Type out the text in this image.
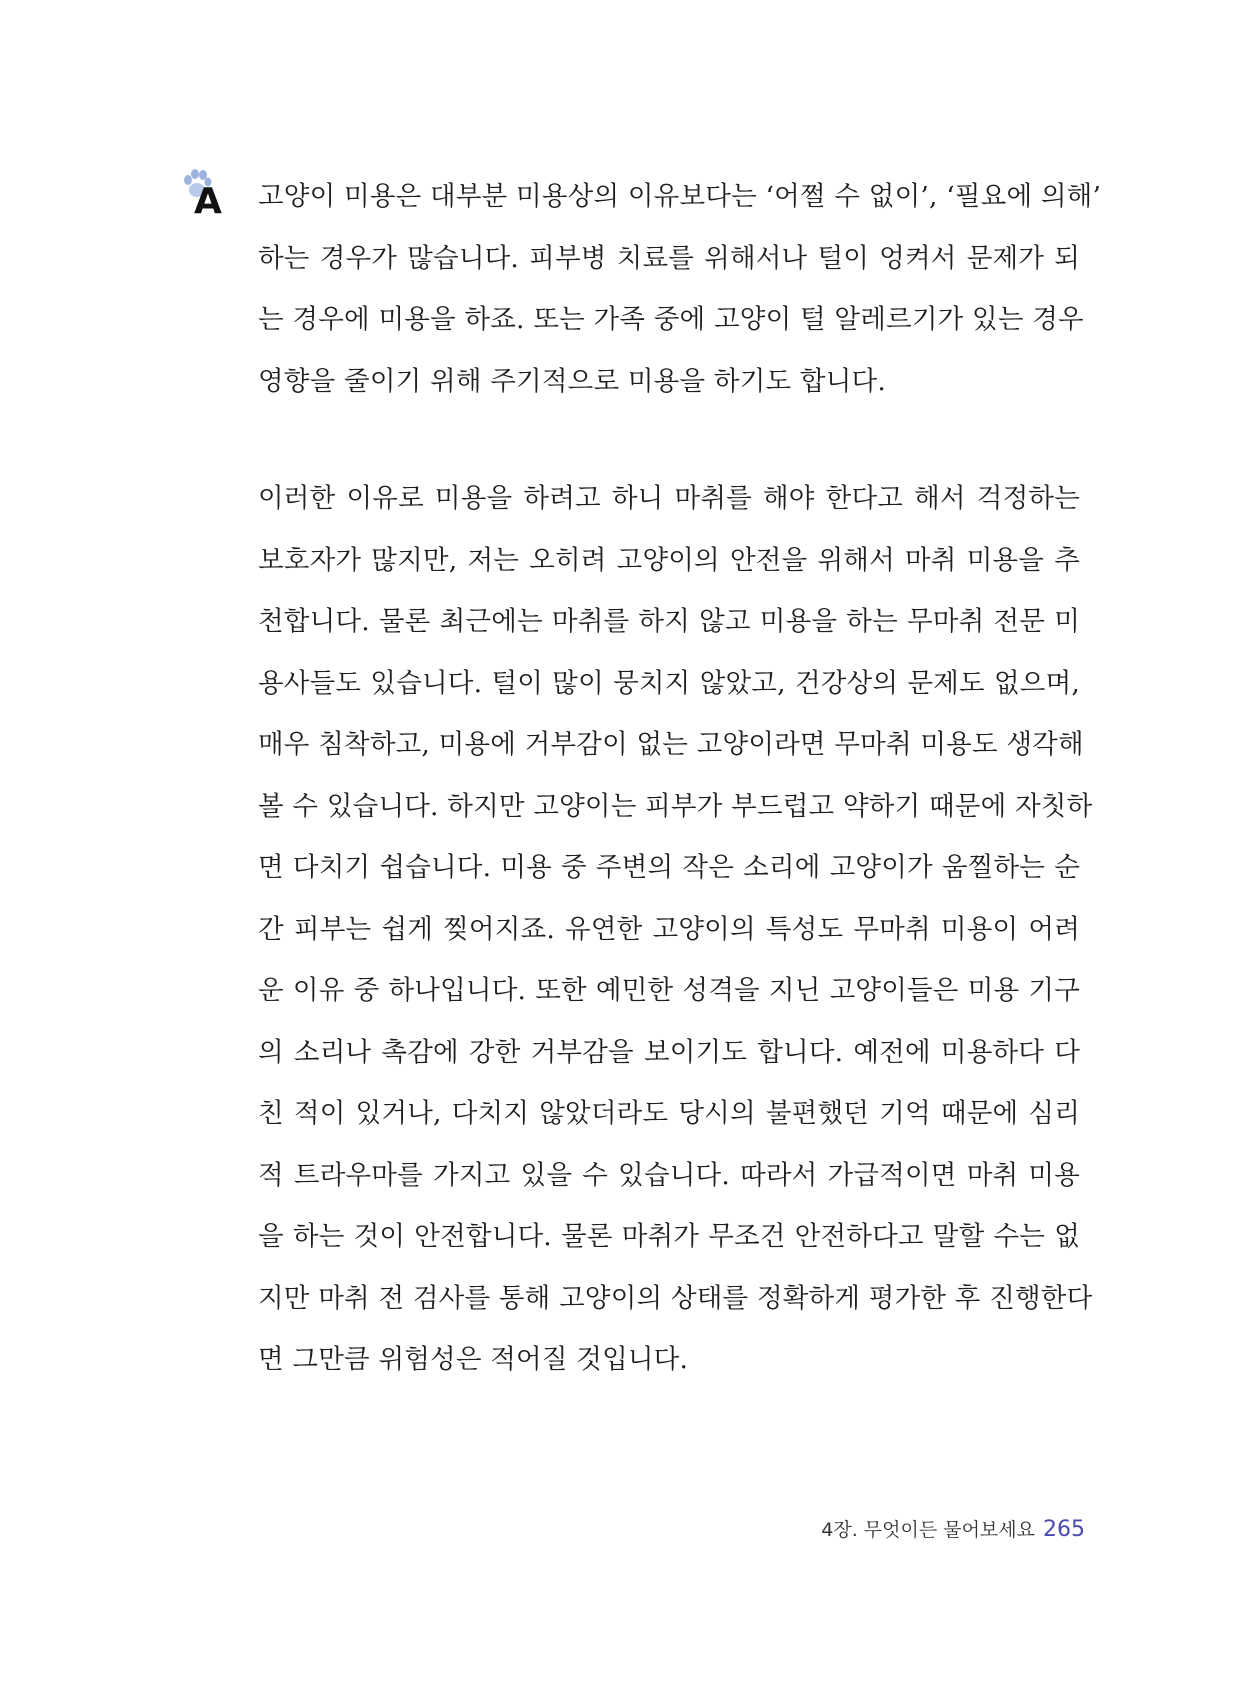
A 고양이 미용은 대부분 미용상의 이유보다는 ‘어쩔 수 없이’, ‘필요에 의해’
하는 경우가 많습니다. 피부병 치료를 위해서나 털이 엉켜서 문제가 되
는 경우에 미용을 하죠. 또는 가족 중에 고양이 털 알레르기가 있는 경우
영향을 줄이기 위해 주기적으로 미용을 하기도 합니다.
이러한 이유로 미용을 하려고 하니 마취를 해야 한다고 해서 걱정하는
보호자가 많지만, 저는 오히려 고양이의 안전을 위해서 마취 미용을 추
천합니다. 물론 최근에는 마취를 하지 않고 미용을 하는 무마취 전문 미
용사들도 있습니다. 털이 많이 뭉치지 않았고, 건강상의 문제도 없으며,
매우 침착하고, 미용에 거부감이 없는 고양이라면 무마취 미용도 생각해
볼 수 있습니다. 하지만 고양이는 피부가 부드럽고 약하기 때문에 자칫하
면 다치기 쉽습니다. 미용 중 주변의 작은 소리에 고양이가 움찔하는 순
간 피부는 쉽게 찢어지죠. 유연한 고양이의 특성도 무마취 미용이 어려
운 이유 중 하나입니다. 또한 예민한 성격을 지닌 고양이들은 미용 기구
의 소리나 촉감에 강한 거부감을 보이기도 합니다. 예전에 미용하다 다
친 적이 있거나, 다치지 않았더라도 당시의 불편했던 기억 때문에 심리
적 트라우마를 가지고 있을 수 있습니다. 따라서 가급적이면 마취 미용
을 하는 것이 안전합니다. 물론 마취가 무조건 안전하다고 말할 수는 없
지만 마취 전 검사를 통해 고양이의 상태를 정확하게 평가한 후 진행한다
면 그만큼 위험성은 적어질 것입니다.
4장. 무엇이든 물어보세요 265
